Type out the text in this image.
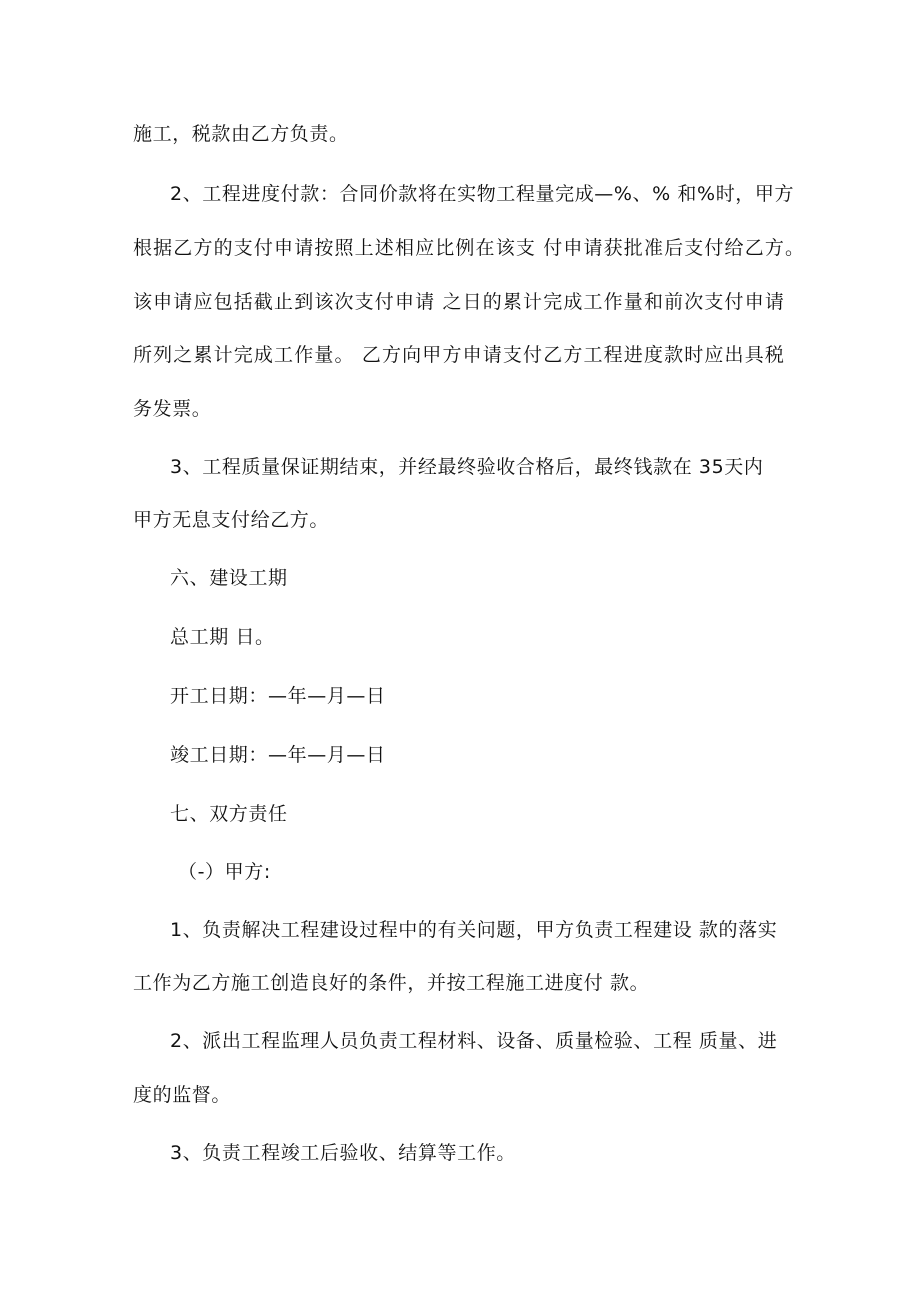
施工，税款由乙方负责。
2、工程进度付款：合同价款将在实物工程量完成—%、% 和%时，甲方
根据乙方的支付申请按照上述相应比例在该支 付申请获批准后支付给乙方。
该申请应包括截止到该次支付申请 之日的累计完成工作量和前次支付申请
所列之累计完成工作量。 乙方向甲方申请支付乙方工程进度款时应出具税
务发票。
3、工程质量保证期结束，并经最终验收合格后，最终钱款在 35天内
甲方无息支付给乙方。
六、建设工期
总工期 日。
开工日期：—年—月—日
竣工日期：—年—月—日
七、双方责任
（-）甲方:
1、负责解决工程建设过程中的有关问题，甲方负责工程建设 款的落实
工作为乙方施工创造良好的条件，并按工程施工进度付 款。
2、派出工程监理人员负责工程材料、设备、质量检验、工程 质量、进
度的监督。
3、负责工程竣工后验收、结算等工作。
